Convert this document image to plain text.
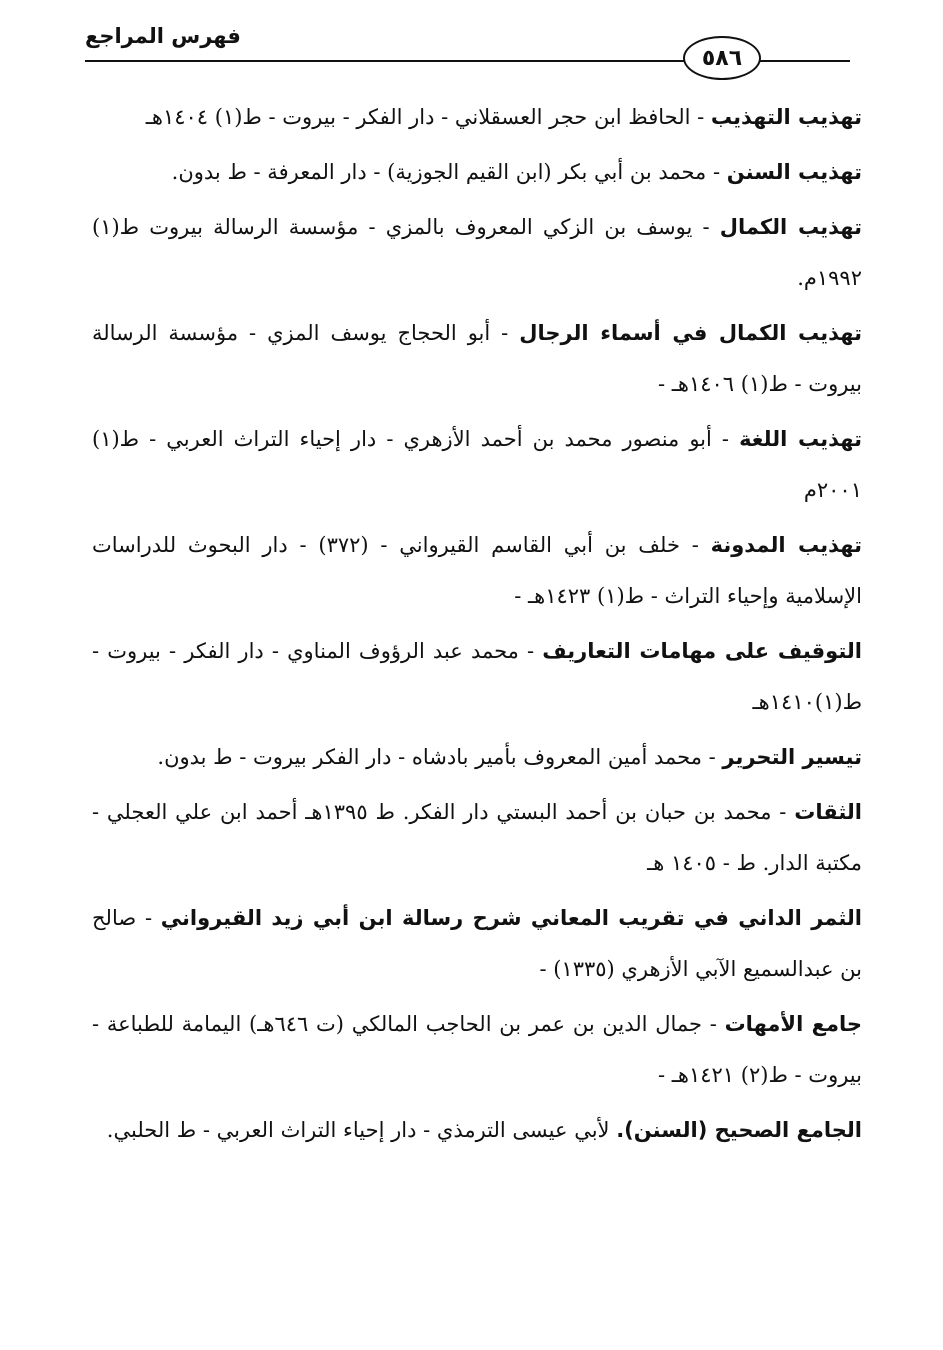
فهرس المراجع
٥٨٦

تهذيب التهذيب - الحافظ ابن حجر العسقلاني - دار الفكر - بيروت - ط(١) ١٤٠٤هـ

تهذيب السنن - محمد بن أبي بكر (ابن القيم الجوزية) - دار المعرفة - ط بدون.

تهذيب الكمال - يوسف بن الزكي المعروف بالمزي - مؤسسة الرسالة بيروت ط(١) ١٩٩٢م.

تهذيب الكمال في أسماء الرجال - أبو الحجاج يوسف المزي - مؤسسة الرسالة بيروت - ط(١) ١٤٠٦هـ -

تهذيب اللغة - أبو منصور محمد بن أحمد الأزهري - دار إحياء التراث العربي - ط(١) ٢٠٠١م

تهذيب المدونة - خلف بن أبي القاسم القيرواني - (٣٧٢) - دار البحوث للدراسات الإسلامية وإحياء التراث - ط(١) ١٤٢٣هـ -

التوقيف على مهامات التعاريف - محمد عبد الرؤوف المناوي - دار الفكر - بيروت - ط(١)١٤١٠هـ

تيسير التحرير - محمد أمين المعروف بأمير بادشاه - دار الفكر بيروت - ط بدون.

الثقات - محمد بن حبان بن أحمد البستي دار الفكر. ط ١٣٩٥هـ أحمد ابن علي العجلي - مكتبة الدار. ط - ١٤٠٥ هـ

الثمر الداني في تقريب المعاني شرح رسالة ابن أبي زيد القيرواني - صالح بن عبدالسميع الآبي الأزهري (١٣٣٥) -

جامع الأمهات - جمال الدين بن عمر بن الحاجب المالكي (ت ٦٤٦هـ) اليمامة للطباعة - بيروت - ط(٢) ١٤٢١هـ -

الجامع الصحيح (السنن). لأبي عيسى الترمذي - دار إحياء التراث العربي - ط الحلبي.
